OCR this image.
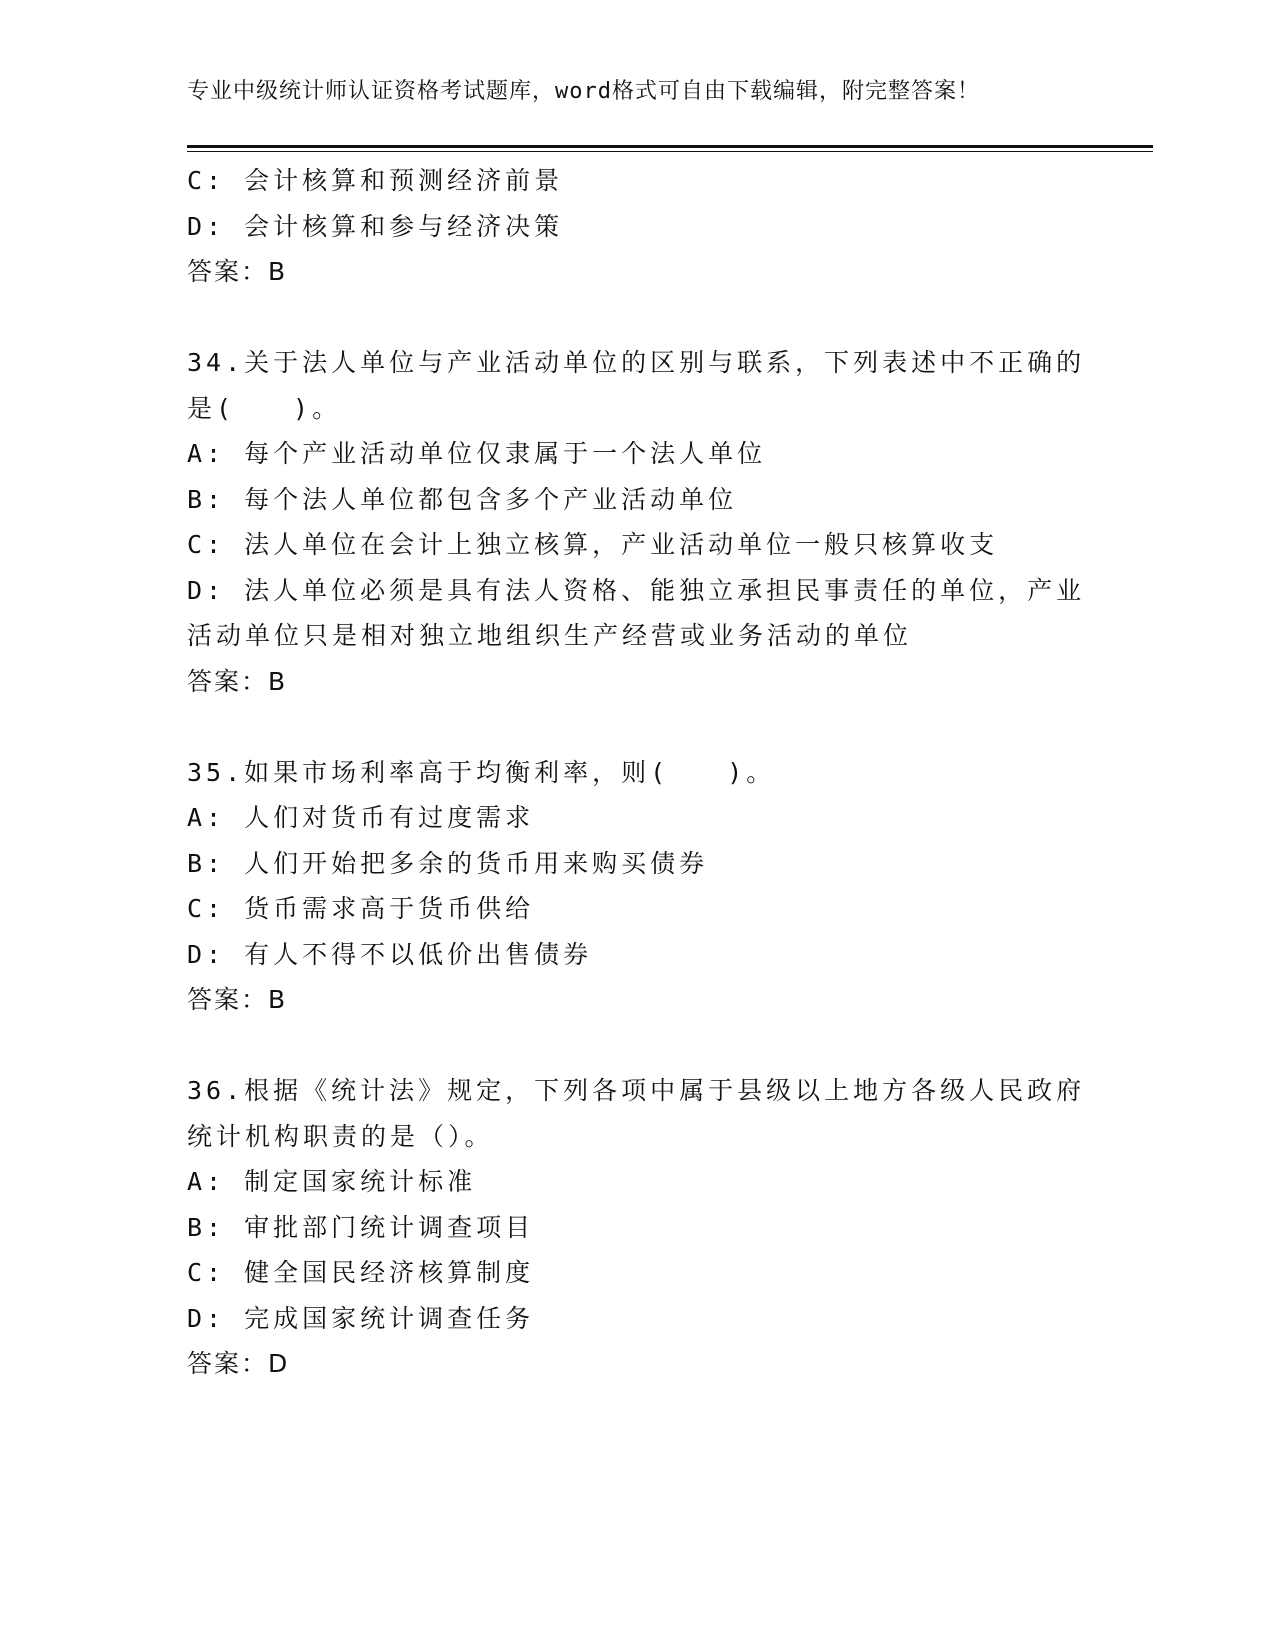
专业中级统计师认证资格考试题库，word格式可自由下载编辑，附完整答案！
C: 会计核算和预测经济前景
D: 会计核算和参与经济决策
答案：B
34.关于法人单位与产业活动单位的区别与联系，下列表述中不正确的
是(　　)。
A: 每个产业活动单位仅隶属于一个法人单位
B: 每个法人单位都包含多个产业活动单位
C: 法人单位在会计上独立核算，产业活动单位一般只核算收支
D: 法人单位必须是具有法人资格、能独立承担民事责任的单位，产业
活动单位只是相对独立地组织生产经营或业务活动的单位
答案：B
35.如果市场利率高于均衡利率，则(　　)。
A: 人们对货币有过度需求
B: 人们开始把多余的货币用来购买债券
C: 货币需求高于货币供给
D: 有人不得不以低价出售债券
答案：B
36.根据《统计法》规定，下列各项中属于县级以上地方各级人民政府
统计机构职责的是（）。
A: 制定国家统计标准
B: 审批部门统计调查项目
C: 健全国民经济核算制度
D: 完成国家统计调查任务
答案：D
